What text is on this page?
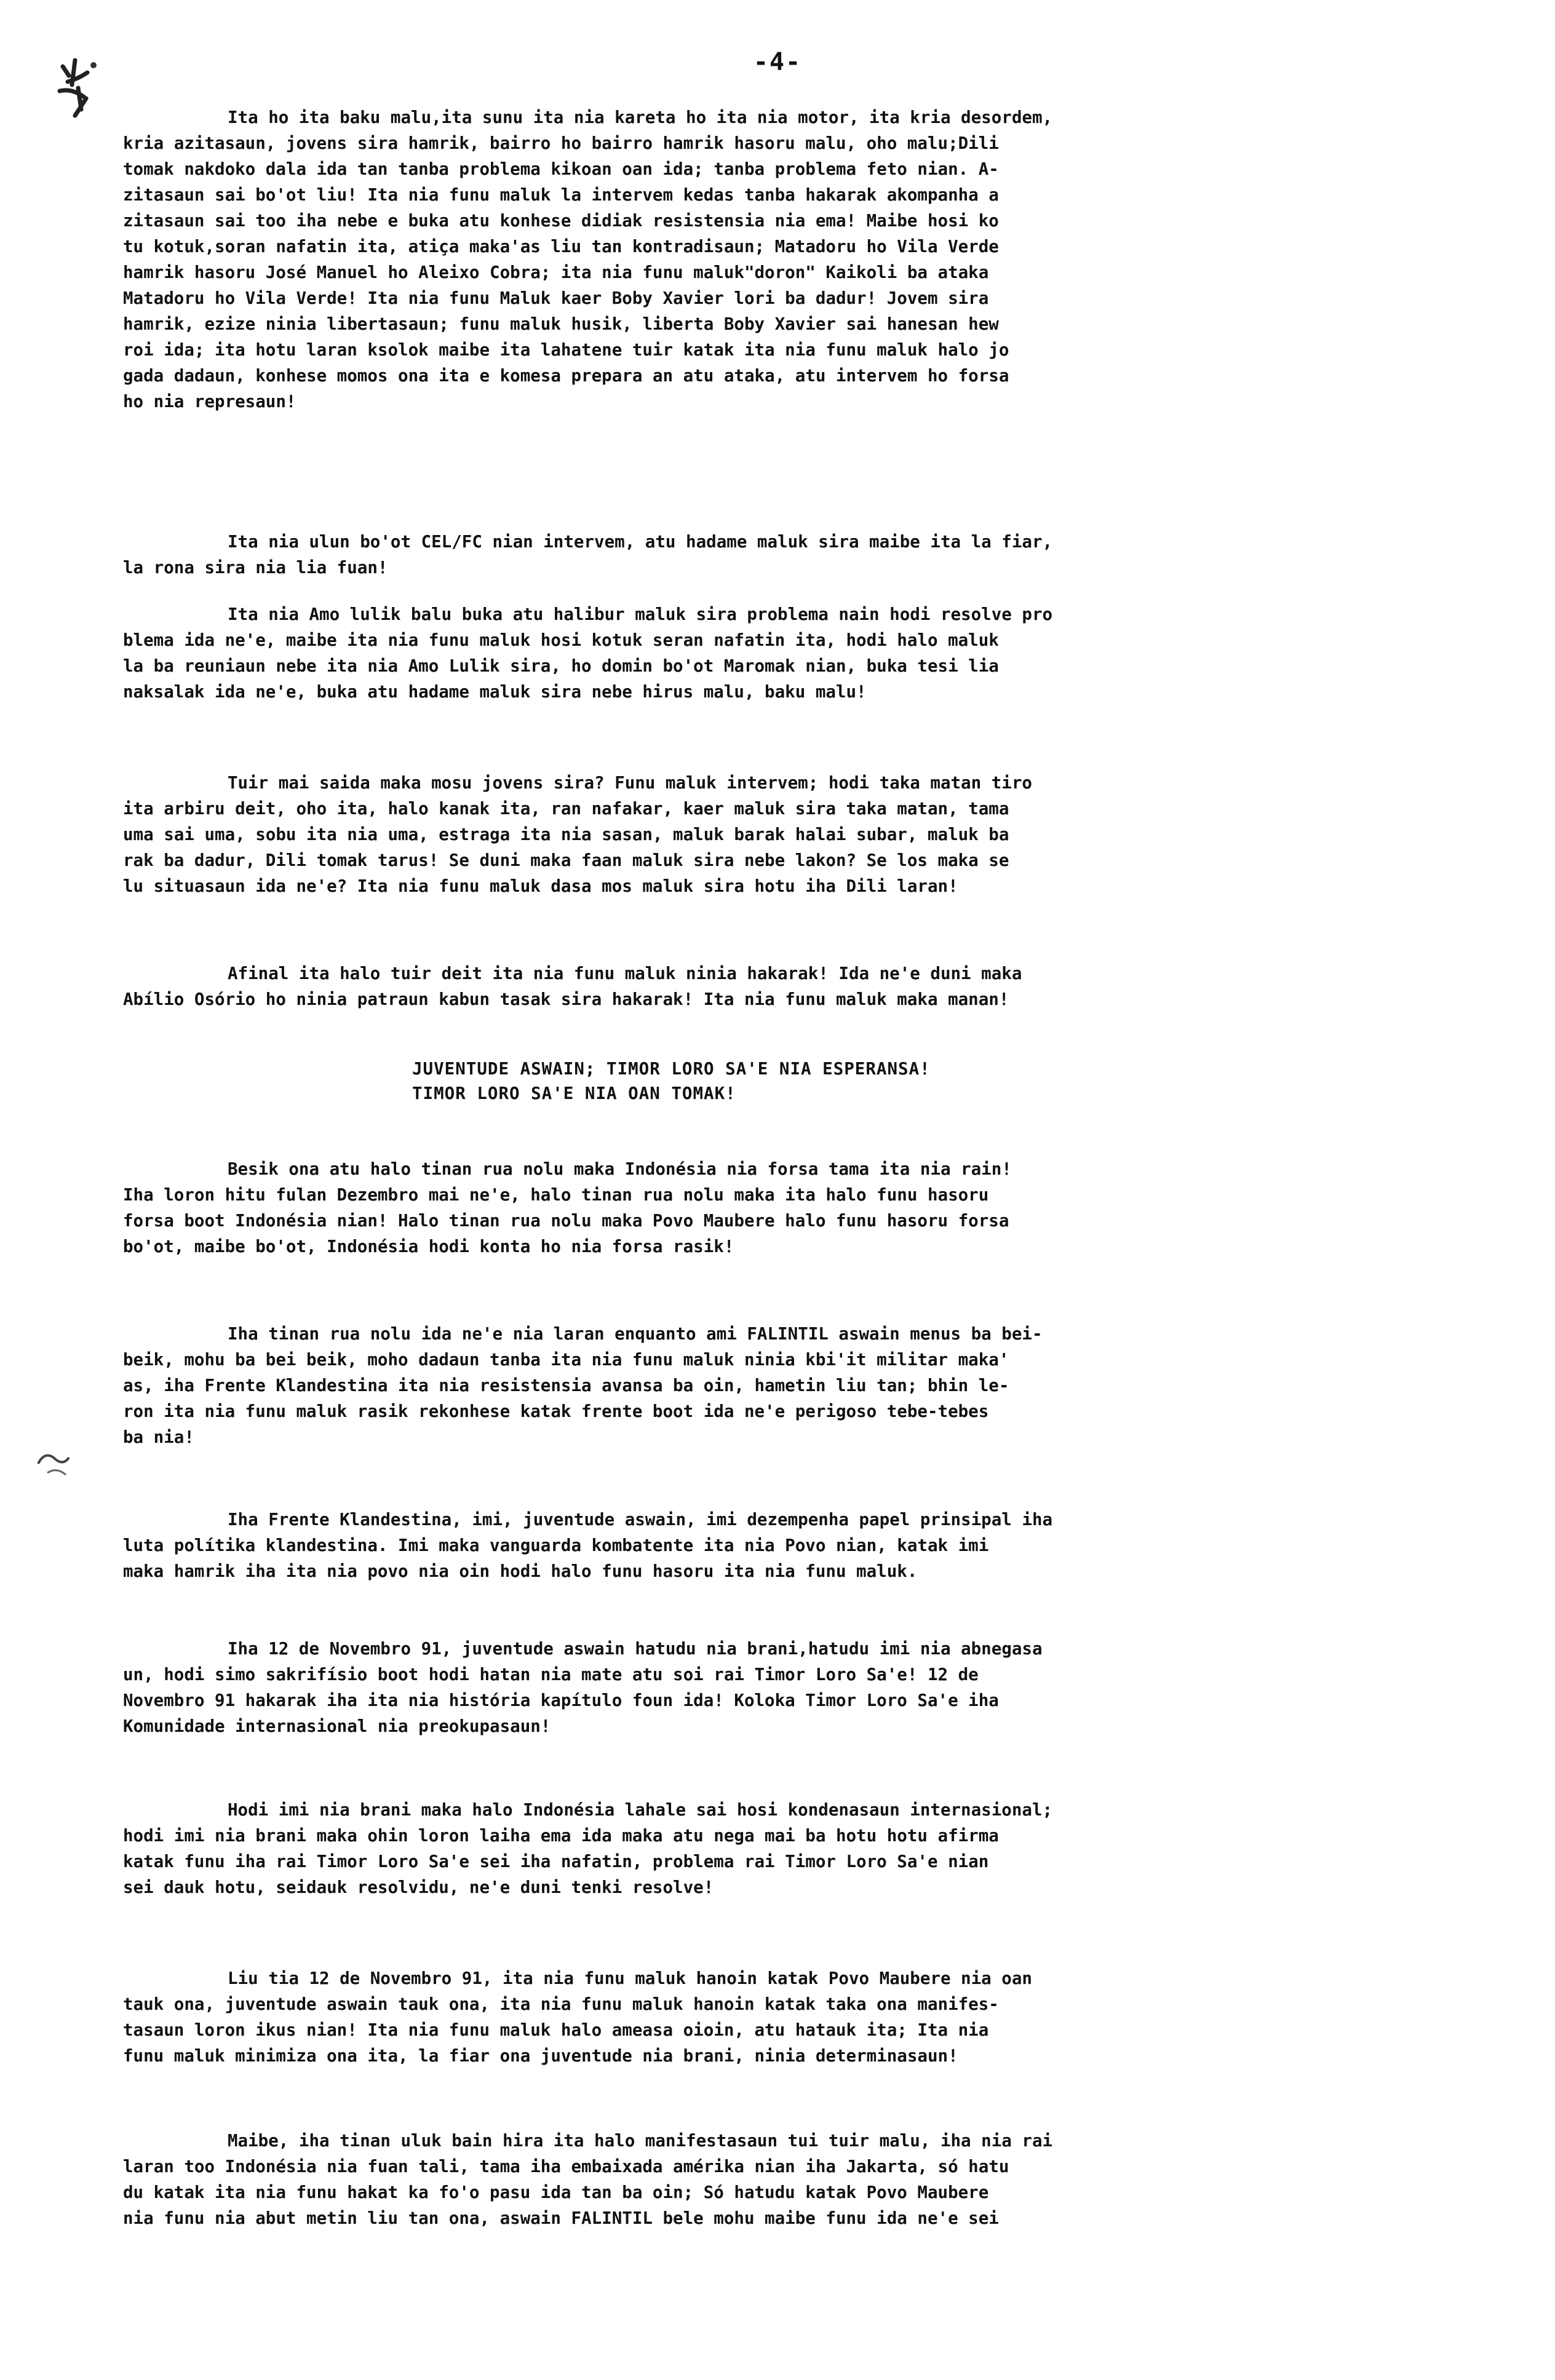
-4-

Ita ho ita baku malu,ita sunu ita nia kareta ho ita nia motor, ita kria desordem,
kria azitasaun, jovens sira hamrik, bairro ho bairro hamrik hasoru malu, oho malu;Dili
tomak nakdoko dala ida tan tanba problema kikoan oan ida; tanba problema feto nian. A-
zitasaun sai bo'ot liu! Ita nia funu maluk la intervem kedas tanba hakarak akompanha a
zitasaun sai too iha nebe e buka atu konhese didiak resistensia nia ema! Maibe hosi ko
tu kotuk,soran nafatin ita, atiça maka'as liu tan kontradisaun; Matadoru ho Vila Verde
hamrik hasoru José Manuel ho Aleixo Cobra; ita nia funu maluk"doron" Kaikoli ba ataka
Matadoru ho Vila Verde! Ita nia funu Maluk kaer Boby Xavier lori ba dadur! Jovem sira
hamrik, ezize ninia libertasaun; funu maluk husik, liberta Boby Xavier sai hanesan hew
roi ida; ita hotu laran ksolok maibe ita lahatene tuir katak ita nia funu maluk halo jo
gada dadaun, konhese momos ona ita e komesa prepara an atu ataka, atu intervem ho forsa
ho nia represaun!

Ita nia ulun bo'ot CEL/FC nian intervem, atu hadame maluk sira maibe ita la fiar,
la rona sira nia lia fuan!

Ita nia Amo lulik balu buka atu halibur maluk sira problema nain hodi resolve pro
blema ida ne'e, maibe ita nia funu maluk hosi kotuk seran nafatin ita, hodi halo maluk
la ba reuniaun nebe ita nia Amo Lulik sira, ho domin bo'ot Maromak nian, buka tesi lia
naksalak ida ne'e, buka atu hadame maluk sira nebe hirus malu, baku malu!

Tuir mai saida maka mosu jovens sira? Funu maluk intervem; hodi taka matan tiro
ita arbiru deit, oho ita, halo kanak ita, ran nafakar, kaer maluk sira taka matan, tama
uma sai uma, sobu ita nia uma, estraga ita nia sasan, maluk barak halai subar, maluk ba
rak ba dadur, Dili tomak tarus! Se duni maka faan maluk sira nebe lakon? Se los maka se
lu situasaun ida ne'e? Ita nia funu maluk dasa mos maluk sira hotu iha Dili laran!

Afinal ita halo tuir deit ita nia funu maluk ninia hakarak! Ida ne'e duni maka
Abílio Osório ho ninia patraun kabun tasak sira hakarak! Ita nia funu maluk maka manan!

JUVENTUDE ASWAIN; TIMOR LORO SA'E NIA ESPERANSA!
TIMOR LORO SA'E NIA OAN TOMAK!

Besik ona atu halo tinan rua nolu maka Indonésia nia forsa tama ita nia rain!
Iha loron hitu fulan Dezembro mai ne'e, halo tinan rua nolu maka ita halo funu hasoru
forsa boot Indonésia nian! Halo tinan rua nolu maka Povo Maubere halo funu hasoru forsa
bo'ot, maibe bo'ot, Indonésia hodi konta ho nia forsa rasik!

Iha tinan rua nolu ida ne'e nia laran enquanto ami FALINTIL aswain menus ba bei-
beik, mohu ba bei beik, moho dadaun tanba ita nia funu maluk ninia kbi'it militar maka'
as, iha Frente Klandestina ita nia resistensia avansa ba oin, hametin liu tan; bhin le-
ron ita nia funu maluk rasik rekonhese katak frente boot ida ne'e perigoso tebe-tebes
ba nia!

Iha Frente Klandestina, imi, juventude aswain, imi dezempenha papel prinsipal iha
luta polítika klandestina. Imi maka vanguarda kombatente ita nia Povo nian, katak imi
maka hamrik iha ita nia povo nia oin hodi halo funu hasoru ita nia funu maluk.

Iha 12 de Novembro 91, juventude aswain hatudu nia brani,hatudu imi nia abnegasa
un, hodi simo sakrifísio boot hodi hatan nia mate atu soi rai Timor Loro Sa'e! 12 de
Novembro 91 hakarak iha ita nia história kapítulo foun ida! Koloka Timor Loro Sa'e iha
Komunidade internasional nia preokupasaun!

Hodi imi nia brani maka halo Indonésia lahale sai hosi kondenasaun internasional;
hodi imi nia brani maka ohin loron laiha ema ida maka atu nega mai ba hotu hotu afirma
katak funu iha rai Timor Loro Sa'e sei iha nafatin, problema rai Timor Loro Sa'e nian
sei dauk hotu, seidauk resolvidu, ne'e duni tenki resolve!

Liu tia 12 de Novembro 91, ita nia funu maluk hanoin katak Povo Maubere nia oan
tauk ona, juventude aswain tauk ona, ita nia funu maluk hanoin katak taka ona manifes-
tasaun loron ikus nian! Ita nia funu maluk halo ameasa oioin, atu hatauk ita; Ita nia
funu maluk minimiza ona ita, la fiar ona juventude nia brani, ninia determinasaun!

Maibe, iha tinan uluk bain hira ita halo manifestasaun tui tuir malu, iha nia rai
laran too Indonésia nia fuan tali, tama iha embaixada amérika nian iha Jakarta, só hatu
du katak ita nia funu hakat ka fo'o pasu ida tan ba oin; Só hatudu katak Povo Maubere
nia funu nia abut metin liu tan ona, aswain FALINTIL bele mohu maibe funu ida ne'e sei
